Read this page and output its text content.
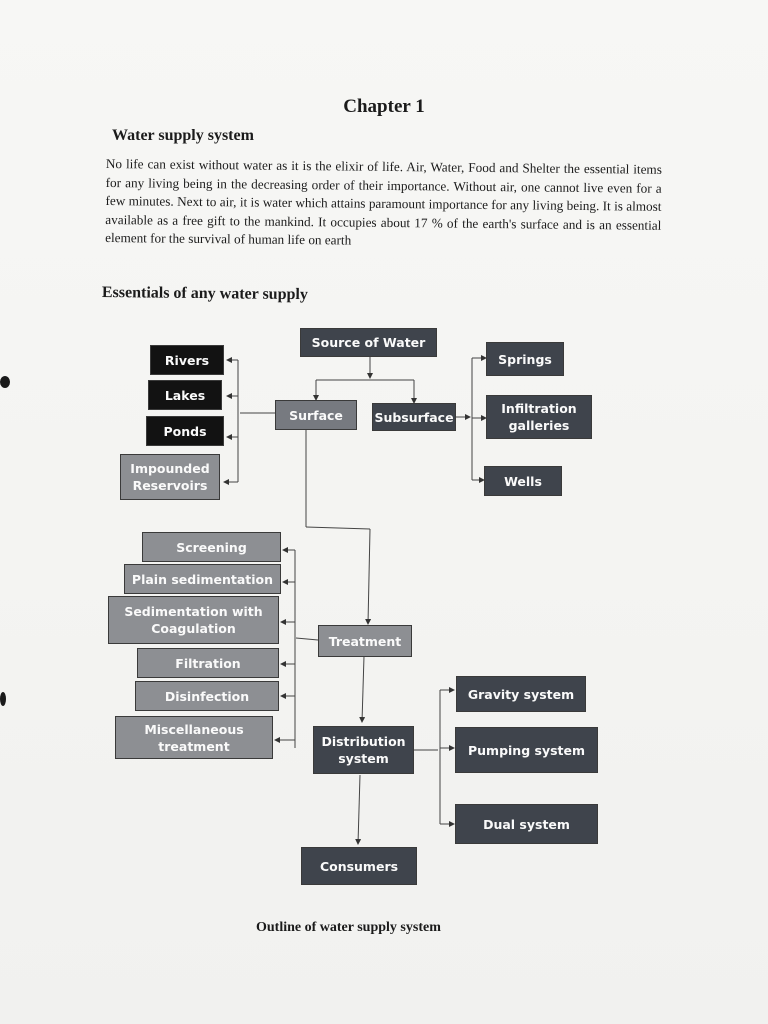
Chapter 1
Water supply system
No life can exist without water as it is the elixir of life. Air, Water, Food and Shelter the essential items for any living being in the decreasing order of their importance. Without air, one cannot live even for a few minutes. Next to air, it is water which attains paramount importance for any living being. It is almost available as a free gift to the mankind. It occupies about 17 % of the earth's surface and is an essential element for the survival of human life on earth
Essentials of any water supply
Source of Water
Surface	Subsurface
Rivers
Lakes
Ponds
Impounded
Reservoirs
Springs
Infiltration
galleries
Wells
Treatment
Screening
Plain sedimentation
Sedimentation with
Coagulation
Filtration
Disinfection
Miscellaneous
treatment	Distribution
system
Gravity system
Pumping system
Dual system
Consumers
Outline of water supply system
